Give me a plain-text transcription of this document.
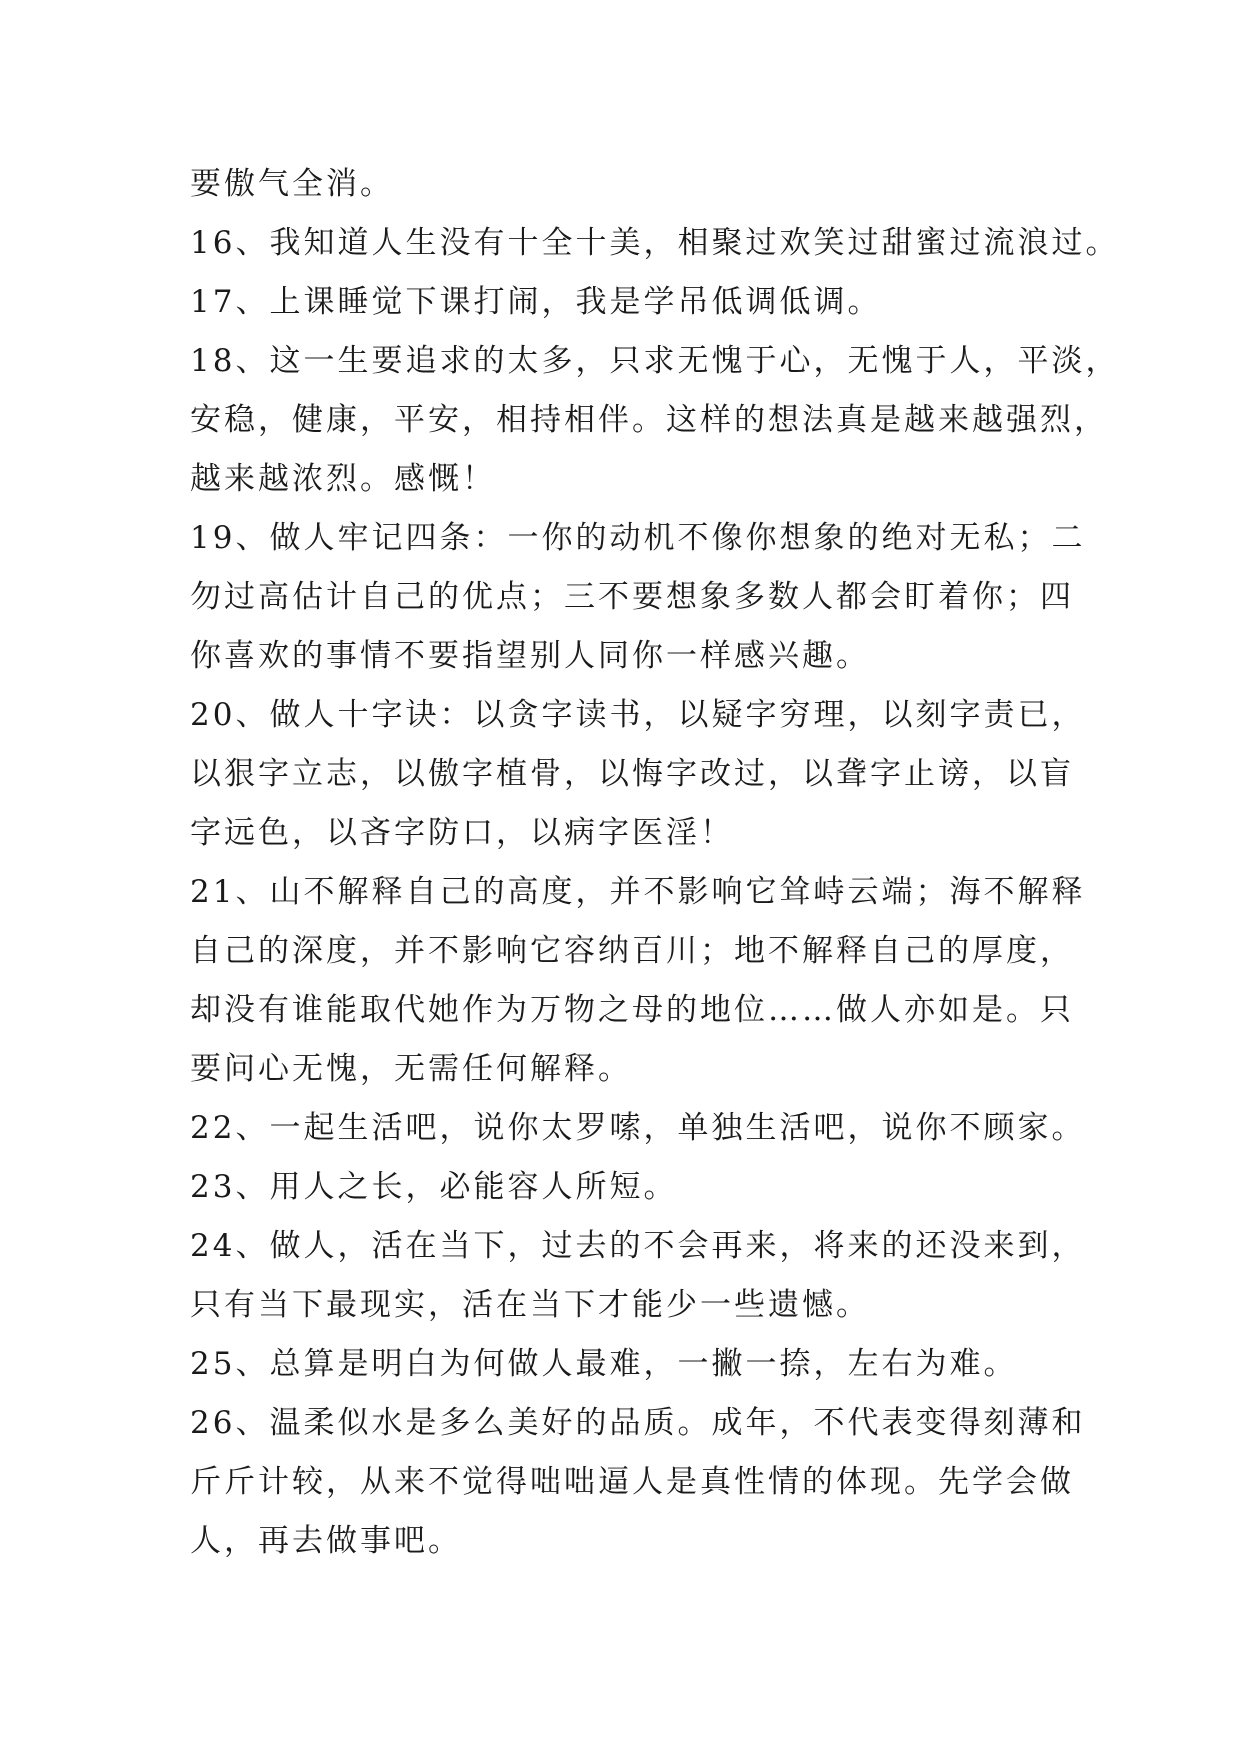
要傲气全消。
16、我知道人生没有十全十美，相聚过欢笑过甜蜜过流浪过。
17、上课睡觉下课打闹，我是学吊低调低调。
18、这一生要追求的太多，只求无愧于心，无愧于人，平淡，
安稳，健康，平安，相持相伴。这样的想法真是越来越强烈，
越来越浓烈。感慨！
19、做人牢记四条：一你的动机不像你想象的绝对无私；二
勿过高估计自己的优点；三不要想象多数人都会盯着你；四
你喜欢的事情不要指望别人同你一样感兴趣。
20、做人十字诀：以贪字读书，以疑字穷理，以刻字责已，
以狠字立志，以傲字植骨，以悔字改过，以聋字止谤，以盲
字远色，以吝字防口，以病字医淫！
21、山不解释自己的高度，并不影响它耸峙云端；海不解释
自己的深度，并不影响它容纳百川；地不解释自己的厚度，
却没有谁能取代她作为万物之母的地位……做人亦如是。只
要问心无愧，无需任何解释。
22、一起生活吧，说你太罗嗦，单独生活吧，说你不顾家。
23、用人之长，必能容人所短。
24、做人，活在当下，过去的不会再来，将来的还没来到，
只有当下最现实，活在当下才能少一些遗憾。
25、总算是明白为何做人最难，一撇一捺，左右为难。
26、温柔似水是多么美好的品质。成年，不代表变得刻薄和
斤斤计较，从来不觉得咄咄逼人是真性情的体现。先学会做
人，再去做事吧。
